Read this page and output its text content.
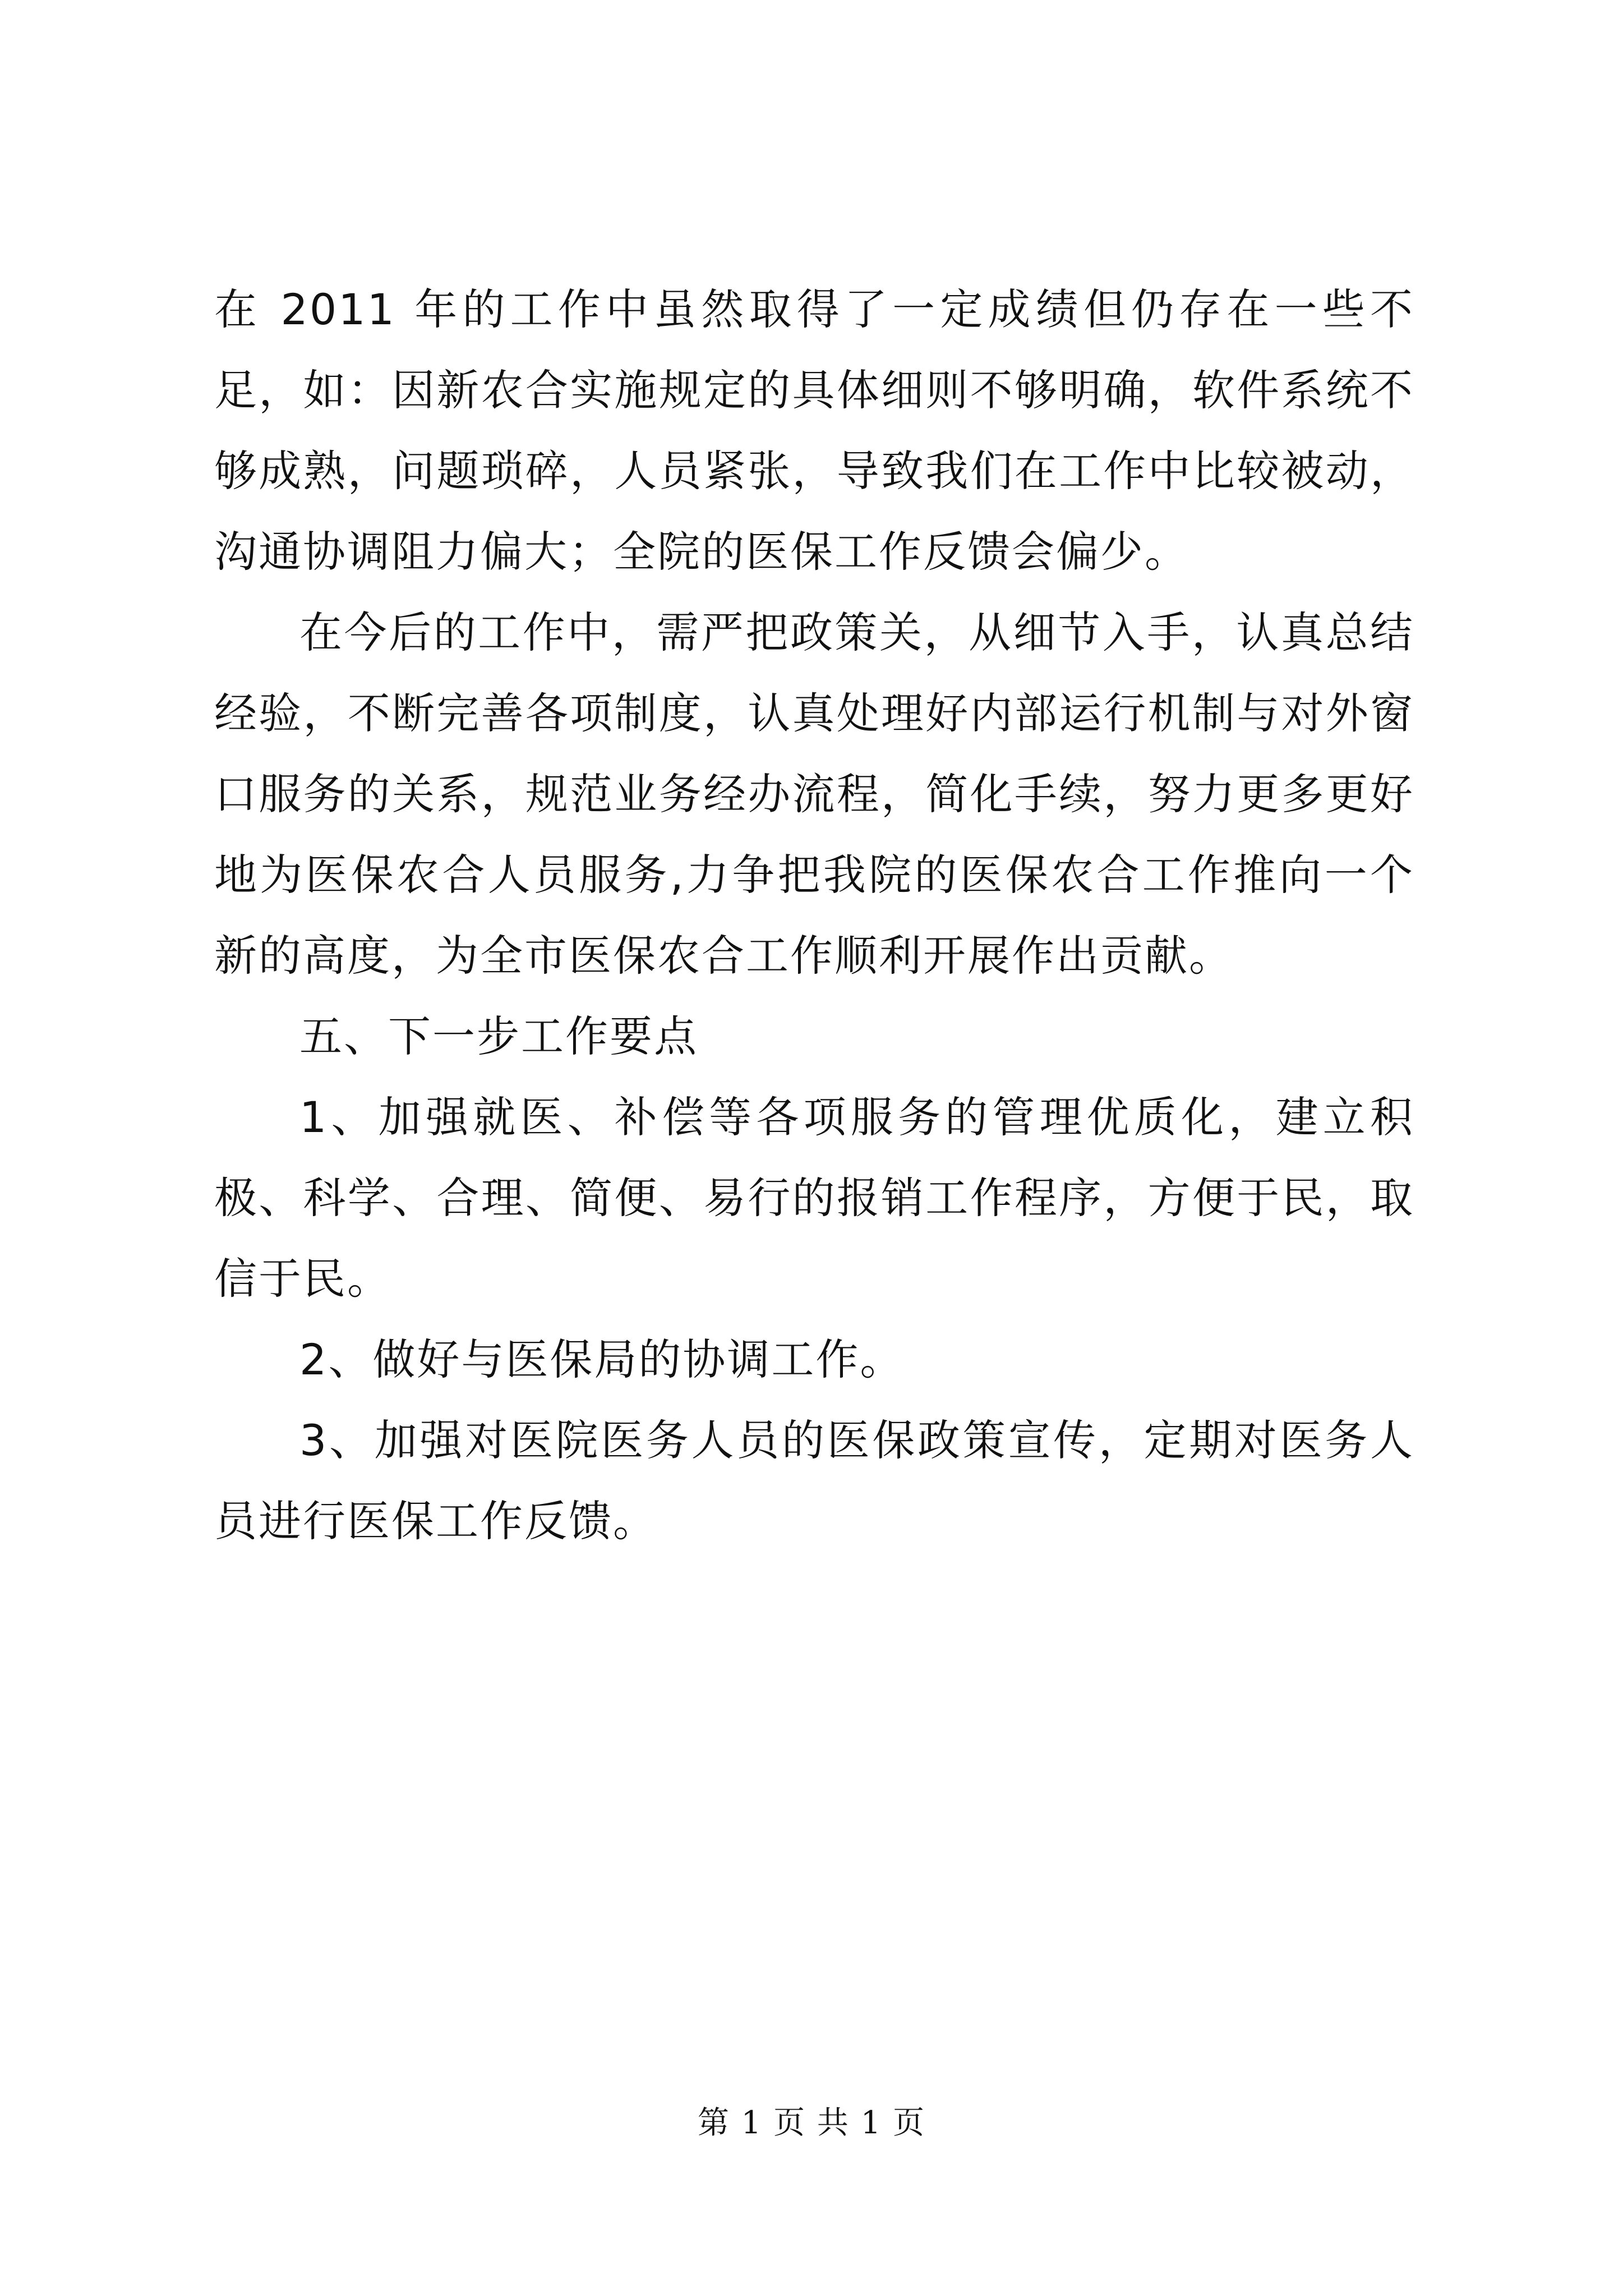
在 2011 年的工作中虽然取得了一定成绩但仍存在一些不足，如：因新农合实施规定的具体细则不够明确，软件系统不够成熟，问题琐碎，人员紧张，导致我们在工作中比较被动，沟通协调阻力偏大；全院的医保工作反馈会偏少。

在今后的工作中，需严把政策关，从细节入手，认真总结经验，不断完善各项制度，认真处理好内部运行机制与对外窗口服务的关系，规范业务经办流程，简化手续，努力更多更好地为医保农合人员服务,力争把我院的医保农合工作推向一个新的高度，为全市医保农合工作顺利开展作出贡献。

五、下一步工作要点

1、加强就医、补偿等各项服务的管理优质化，建立积极、科学、合理、简便、易行的报销工作程序，方便于民，取信于民。

2、做好与医保局的协调工作。

3、加强对医院医务人员的医保政策宣传，定期对医务人员进行医保工作反馈。

第 1 页 共 1 页
